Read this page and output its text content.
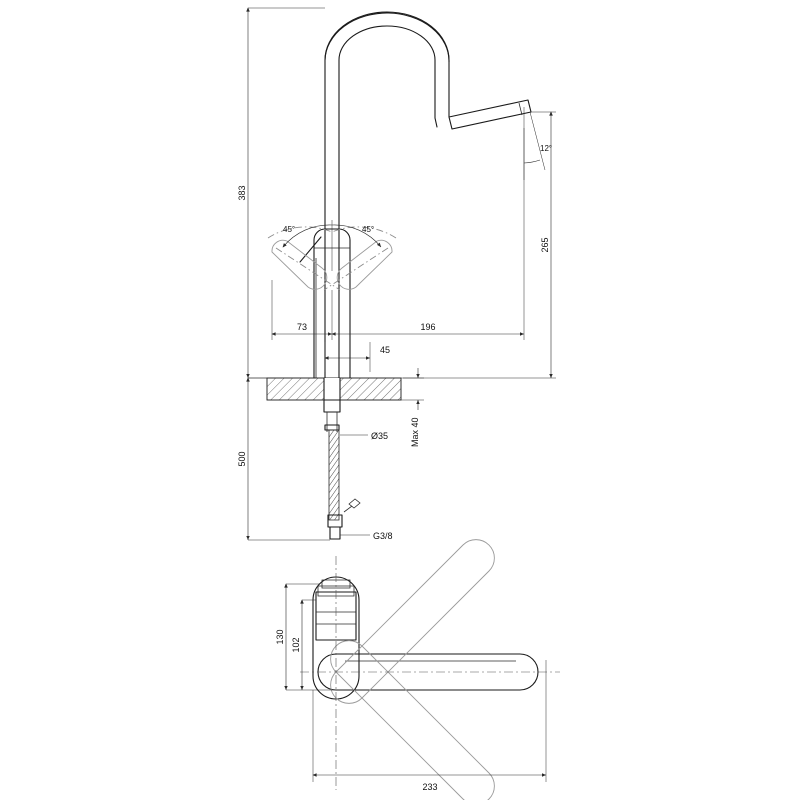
45°	45°
12°
G3/8
Ø35 Max 40
383
500
265
196
73
45
130
102
233
